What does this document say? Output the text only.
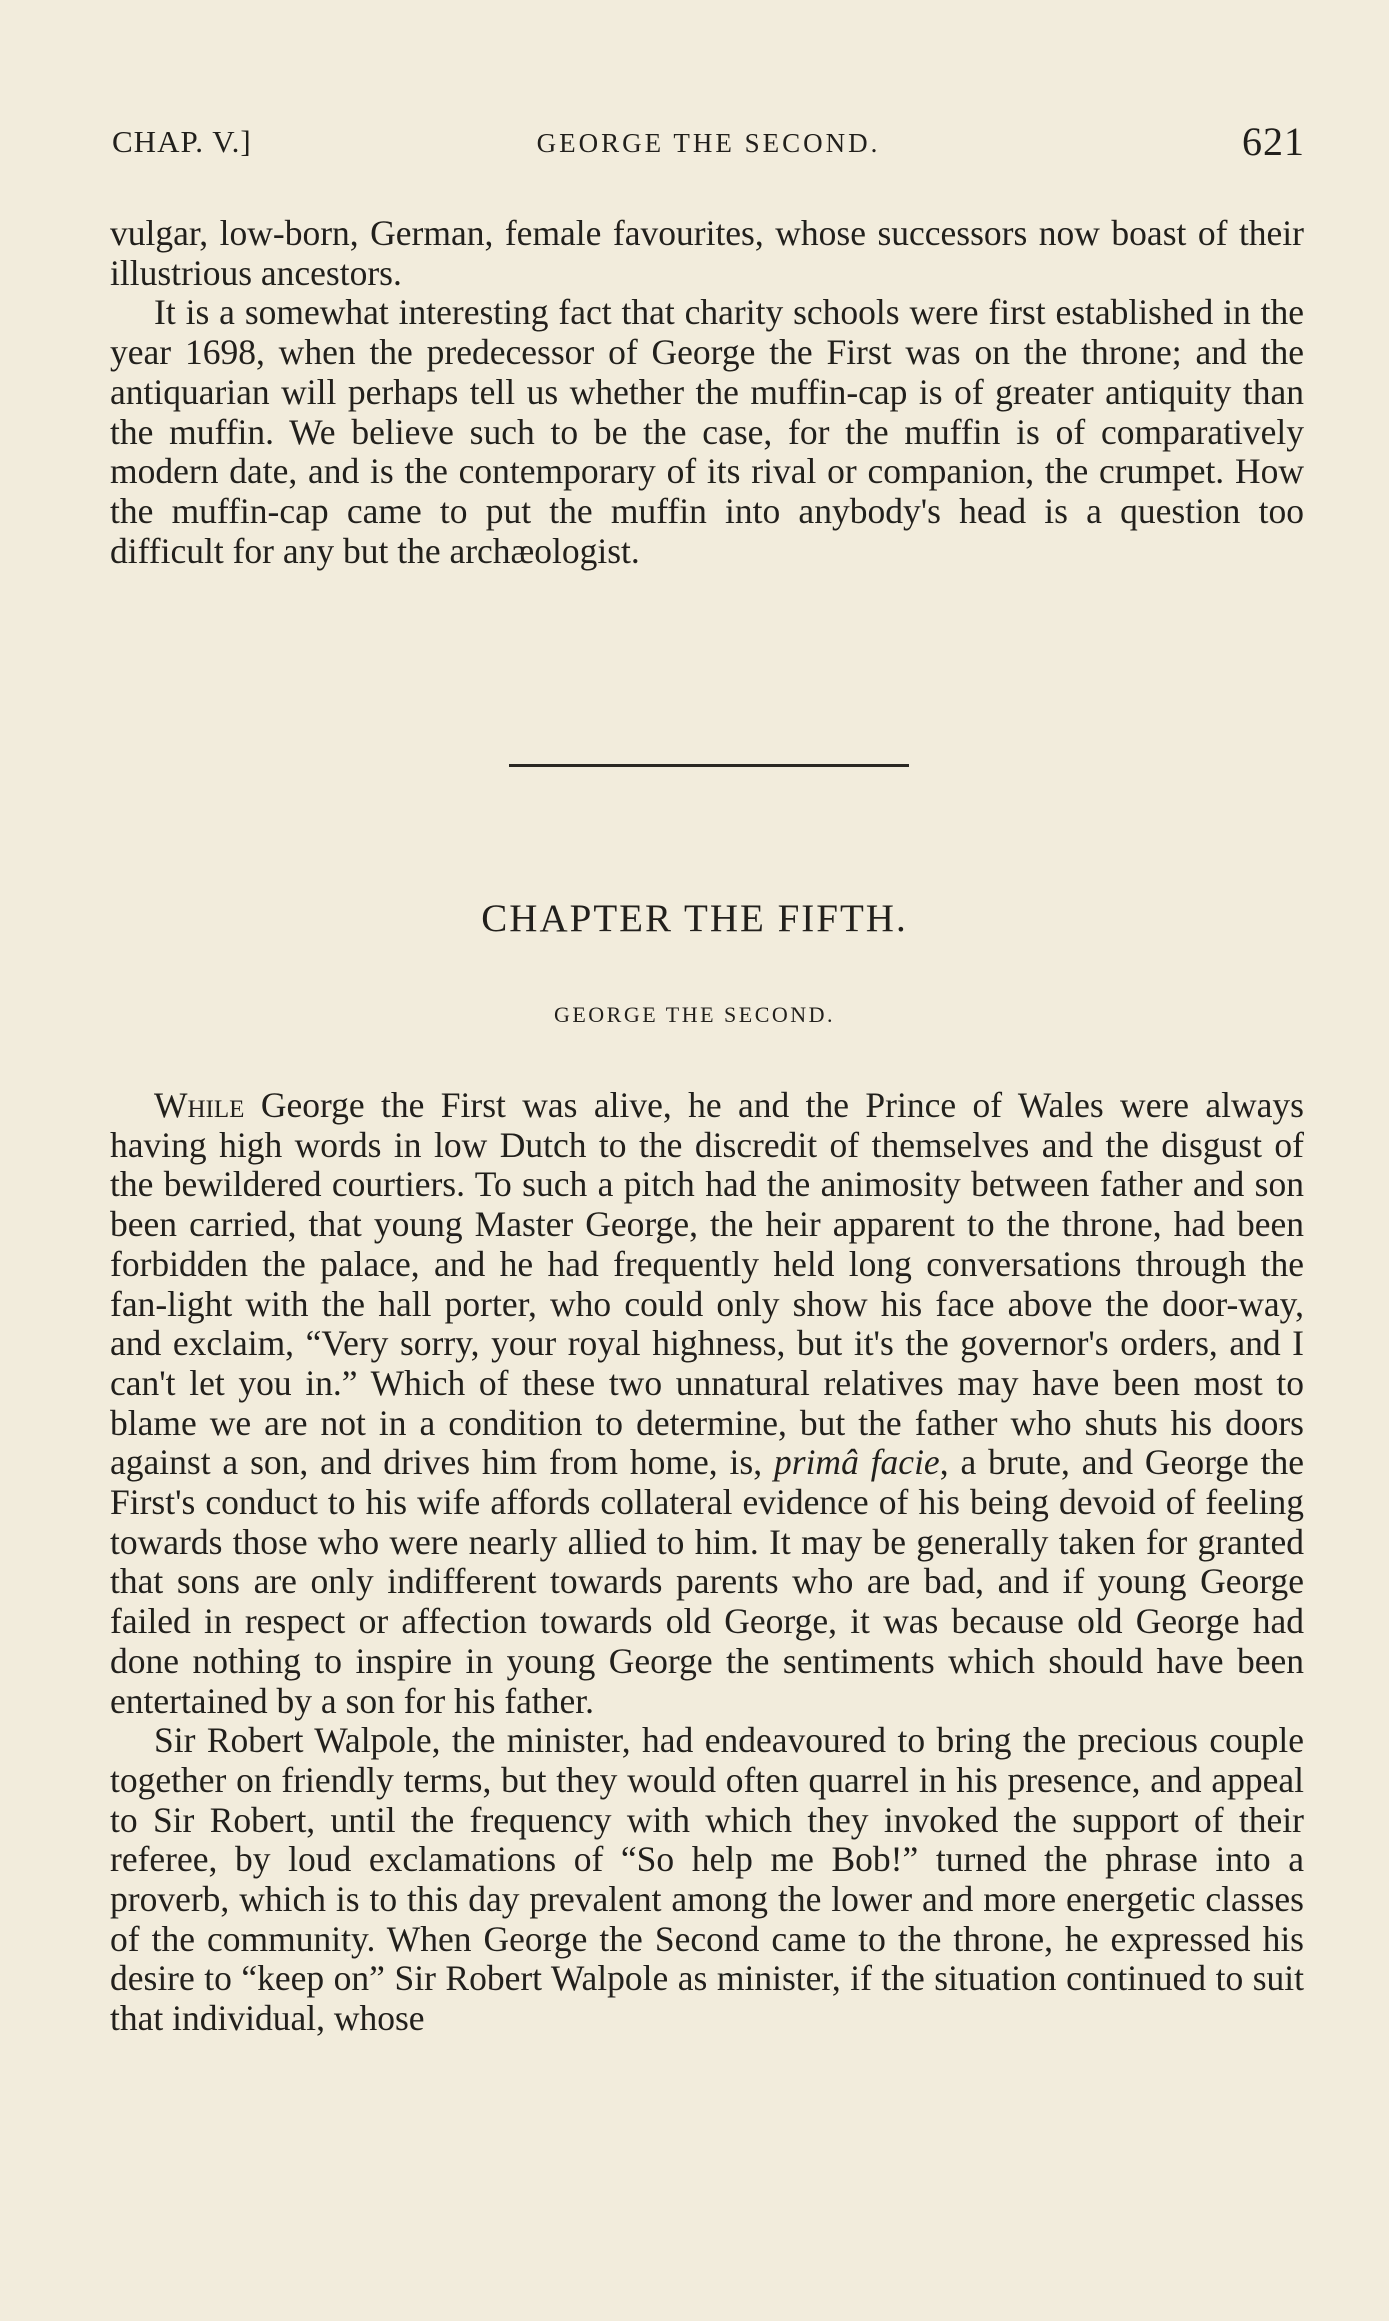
CHAP. V.]	GEORGE THE SECOND.	621

vulgar, low-born, German, female favourites, whose successors now boast of their illustrious ancestors.

It is a somewhat interesting fact that charity schools were first established in the year 1698, when the predecessor of George the First was on the throne; and the antiquarian will perhaps tell us whether the muffin-cap is of greater antiquity than the muffin. We believe such to be the case, for the muffin is of comparatively modern date, and is the contemporary of its rival or companion, the crumpet. How the muffin-cap came to put the muffin into anybody's head is a question too difficult for any but the archæologist.

CHAPTER THE FIFTH.
GEORGE THE SECOND.

While George the First was alive, he and the Prince of Wales were always having high words in low Dutch to the discredit of themselves and the disgust of the bewildered courtiers. To such a pitch had the animosity between father and son been carried, that young Master George, the heir apparent to the throne, had been forbidden the palace, and he had frequently held long conversations through the fan-light with the hall porter, who could only show his face above the door-way, and exclaim, “Very sorry, your royal highness, but it's the governor's orders, and I can't let you in.” Which of these two unnatural relatives may have been most to blame we are not in a condition to determine, but the father who shuts his doors against a son, and drives him from home, is, primâ facie, a brute, and George the First's conduct to his wife affords collateral evidence of his being devoid of feeling towards those who were nearly allied to him. It may be generally taken for granted that sons are only indifferent towards parents who are bad, and if young George failed in respect or affection towards old George, it was because old George had done nothing to inspire in young George the sentiments which should have been entertained by a son for his father.

Sir Robert Walpole, the minister, had endeavoured to bring the precious couple together on friendly terms, but they would often quarrel in his presence, and appeal to Sir Robert, until the frequency with which they invoked the support of their referee, by loud exclamations of “So help me Bob!” turned the phrase into a proverb, which is to this day prevalent among the lower and more energetic classes of the community. When George the Second came to the throne, he expressed his desire to “keep on” Sir Robert Walpole as minister, if the situation continued to suit that individual, whose
